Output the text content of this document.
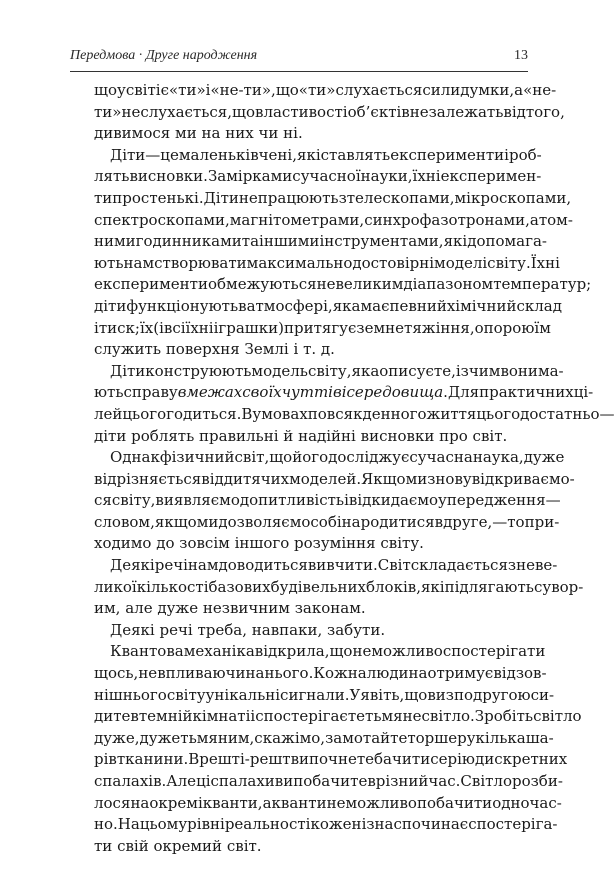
Передмова · Друге народження	13

що у світі є «ти» і «не-ти», що «ти» слухається сили думки, а «не-
ти» не слухається, що властивості об’єктів не залежать від того,
дивимося ми на них чи ні.

Діти — це маленькі вчені, які ставлять експерименти і роб-
лять висновки. За мірками сучасної науки, їхні експеримен-
ти простенькі. Діти не працюють з телескопами, мікроскопами,
спектроскопами, магнітометрами, синхрофазотронами, атом-
ними годинниками та іншими інструментами, які допомага-
ють нам створювати максимально достовірні моделі світу. Їхні
експерименти обмежуються невеликим діапазоном температур;
діти функціонують в атмосфері, яка має певний хімічний склад
і тиск; їх (і всі їхні іграшки) притягує земне тяжіння, опорою їм
служить поверхня Землі і т. д.

Діти конструюють модель світу, яка описує те, із чим вони ма-
ють справу в межах своїх чуттів і середовища. Для практичних ці-
лей цього годиться. В умовах повсякденного життя цього достатньо —
діти роблять правильні й надійні висновки про світ.

Однак фізичний світ, що його досліджує сучасна наука, дуже
відрізняється від дитячих моделей. Якщо ми знову відкриваємо-
ся світу, виявляємо допитливість і відкидаємо упередження —
словом, якщо ми дозволяємо собі народитися вдруге, — то при-
ходимо до зовсім іншого розуміння світу.

Деякі речі нам доводиться вивчити. Світ складається з неве-
ликої кількості базових будівельних блоків, які підлягають сувор-
им, але дуже незвичним законам.

Деякі речі треба, навпаки, забути.

Квантова механіка відкрила, що неможливо спостерігати
щось, не впливаючи на нього. Кожна людина отримує від зов-
нішнього світу унікальні сигнали. Уявіть, що ви з подругою си-
дите в темній кімнаті і спостерігаєте тьмяне світло. Зробіть світло
дуже, дуже тьмяним, скажімо, замотайте торшер у кілька ша-
рів тканини. Врешті-решт ви почнете бачити серію дискретних
спалахів. Але ці спалахи ви побачите в різний час. Світло розби-
лося на окремі кванти, а кванти неможливо побачити одночас-
но. На цьому рівні реальності кожен із нас починає спостеріга-
ти свій окремий світ.
